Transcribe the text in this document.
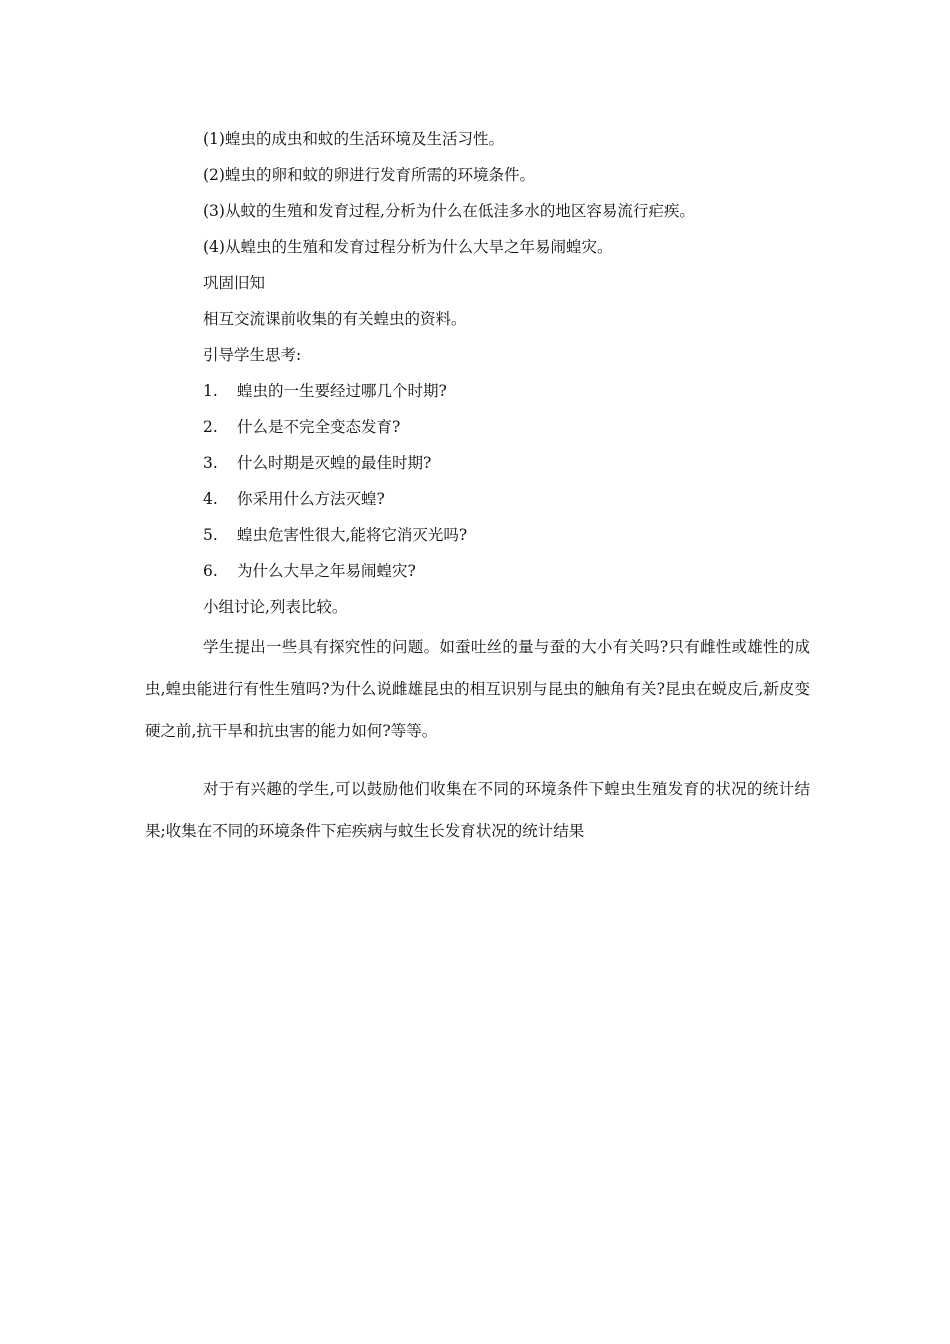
(1)蝗虫的成虫和蚊的生活环境及生活习性。
(2)蝗虫的卵和蚊的卵进行发育所需的环境条件。
(3)从蚊的生殖和发育过程,分析为什么在低洼多水的地区容易流行疟疾。
(4)从蝗虫的生殖和发育过程分析为什么大旱之年易闹蝗灾。
巩固旧知
相互交流课前收集的有关蝗虫的资料。
引导学生思考:
1. 蝗虫的一生要经过哪几个时期?
2. 什么是不完全变态发育?
3. 什么时期是灭蝗的最佳时期?
4. 你采用什么方法灭蝗?
5. 蝗虫危害性很大,能将它消灭光吗?
6. 为什么大旱之年易闹蝗灾?
小组讨论,列表比较。

学生提出一些具有探究性的问题。如蚕吐丝的量与蚕的大小有关吗?只有雌性或雄性的成虫,蝗虫能进行有性生殖吗?为什么说雌雄昆虫的相互识别与昆虫的触角有关?昆虫在蜕皮后,新皮变硬之前,抗干旱和抗虫害的能力如何?等等。

对于有兴趣的学生,可以鼓励他们收集在不同的环境条件下蝗虫生殖发育的状况的统计结果;收集在不同的环境条件下疟疾病与蚊生长发育状况的统计结果
